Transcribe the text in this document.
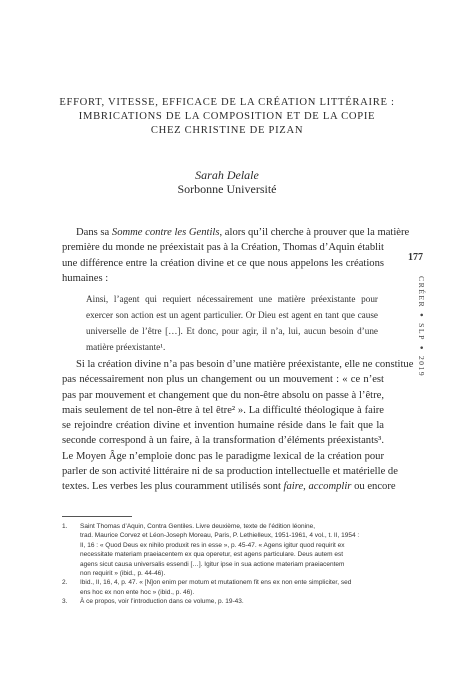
EFFORT, VITESSE, EFFICACE DE LA CRÉATION LITTÉRAIRE :
IMBRICATIONS DE LA COMPOSITION ET DE LA COPIE
CHEZ CHRISTINE DE PIZAN
Sarah Delale
Sorbonne Université
Dans sa Somme contre les Gentils, alors qu’il cherche à prouver que la matière
première du monde ne préexistait pas à la Création, Thomas d’Aquin établit
une différence entre la création divine et ce que nous appelons les créations
humaines :
Ainsi, l’agent qui requiert nécessairement une matière préexistante pour
exercer son action est un agent particulier. Or Dieu est agent en tant que cause
universelle de l’être […]. Et donc, pour agir, il n’a, lui, aucun besoin d’une
matière préexistante¹.
Si la création divine n’a pas besoin d’une matière préexistante, elle ne constitue
pas nécessairement non plus un changement ou un mouvement : « ce n’est
pas par mouvement et changement que du non-être absolu on passe à l’être,
mais seulement de tel non-être à tel être² ». La difficulté théologique à faire
se rejoindre création divine et invention humaine réside dans le fait que la
seconde correspond à un faire, à la transformation d’éléments préexistants³.
Le Moyen Âge n’emploie donc pas le paradigme lexical de la création pour
parler de son activité littéraire ni de sa production intellectuelle et matérielle de
textes. Les verbes les plus couramment utilisés sont faire, accomplir ou encore
1. Saint Thomas d’Aquin, Contra Gentiles. Livre deuxième, texte de l’édition léonine,
trad. Maurice Corvez et Léon-Joseph Moreau, Paris, P. Lethielleux, 1951-1961, 4 vol., t. II, 1954 :
II, 16 : « Quod Deus ex nihilo produxit res in esse », p. 45-47. « Agens igitur quod requirit ex
necessitate materiam praeiacentem ex qua operetur, est agens particulare. Deus autem est
agens sicut causa universalis essendi […]. Igitur ipse in sua actione materiam praeiacentem
non requirit » (ibid., p. 44-46).
2. Ibid., II, 16, 4, p. 47. « [N]on enim per motum et mutationem fit ens ex non ente simpliciter, sed
ens hoc ex non ente hoc » (ibid., p. 46).
3. À ce propos, voir l’introduction dans ce volume, p. 19-43.
177
CRÉER●SLP●2019
